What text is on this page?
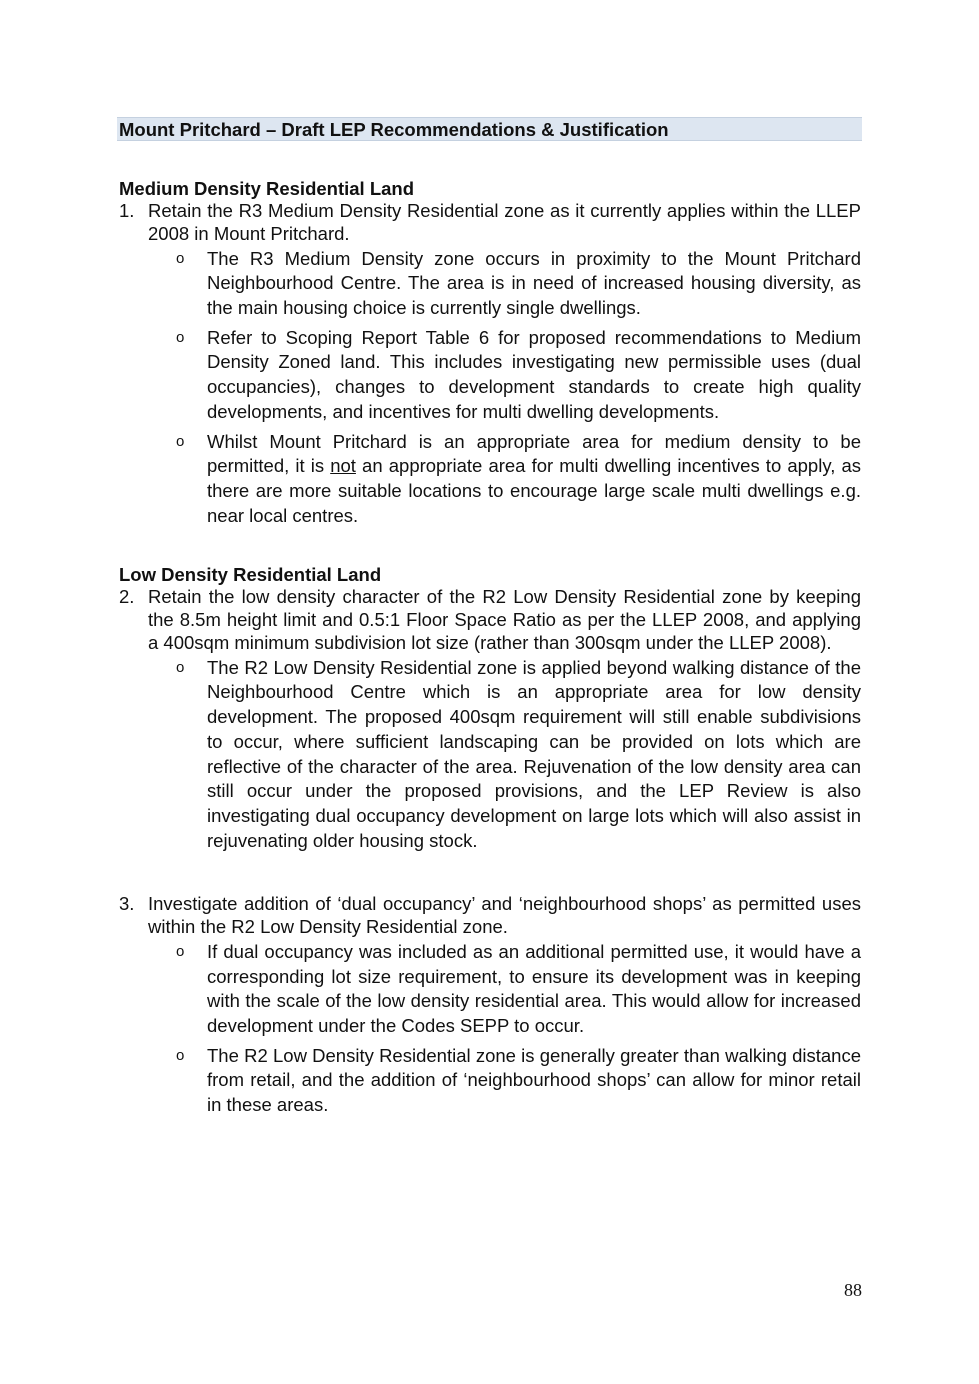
Mount Pritchard – Draft LEP Recommendations & Justification
Medium Density Residential Land
1. Retain the R3 Medium Density Residential zone as it currently applies within the LLEP 2008 in Mount Pritchard.
o The R3 Medium Density zone occurs in proximity to the Mount Pritchard Neighbourhood Centre. The area is in need of increased housing diversity, as the main housing choice is currently single dwellings.
o Refer to Scoping Report Table 6 for proposed recommendations to Medium Density Zoned land. This includes investigating new permissible uses (dual occupancies), changes to development standards to create high quality developments, and incentives for multi dwelling developments.
o Whilst Mount Pritchard is an appropriate area for medium density to be permitted, it is not an appropriate area for multi dwelling incentives to apply, as there are more suitable locations to encourage large scale multi dwellings e.g. near local centres.
Low Density Residential Land
2. Retain the low density character of the R2 Low Density Residential zone by keeping the 8.5m height limit and 0.5:1 Floor Space Ratio as per the LLEP 2008, and applying a 400sqm minimum subdivision lot size (rather than 300sqm under the LLEP 2008).
o The R2 Low Density Residential zone is applied beyond walking distance of the Neighbourhood Centre which is an appropriate area for low density development. The proposed 400sqm requirement will still enable subdivisions to occur, where sufficient landscaping can be provided on lots which are reflective of the character of the area. Rejuvenation of the low density area can still occur under the proposed provisions, and the LEP Review is also investigating dual occupancy development on large lots which will also assist in rejuvenating older housing stock.
3. Investigate addition of ‘dual occupancy’ and ‘neighbourhood shops’ as permitted uses within the R2 Low Density Residential zone.
o If dual occupancy was included as an additional permitted use, it would have a corresponding lot size requirement, to ensure its development was in keeping with the scale of the low density residential area. This would allow for increased development under the Codes SEPP to occur.
o The R2 Low Density Residential zone is generally greater than walking distance from retail, and the addition of ‘neighbourhood shops’ can allow for minor retail in these areas.
88
